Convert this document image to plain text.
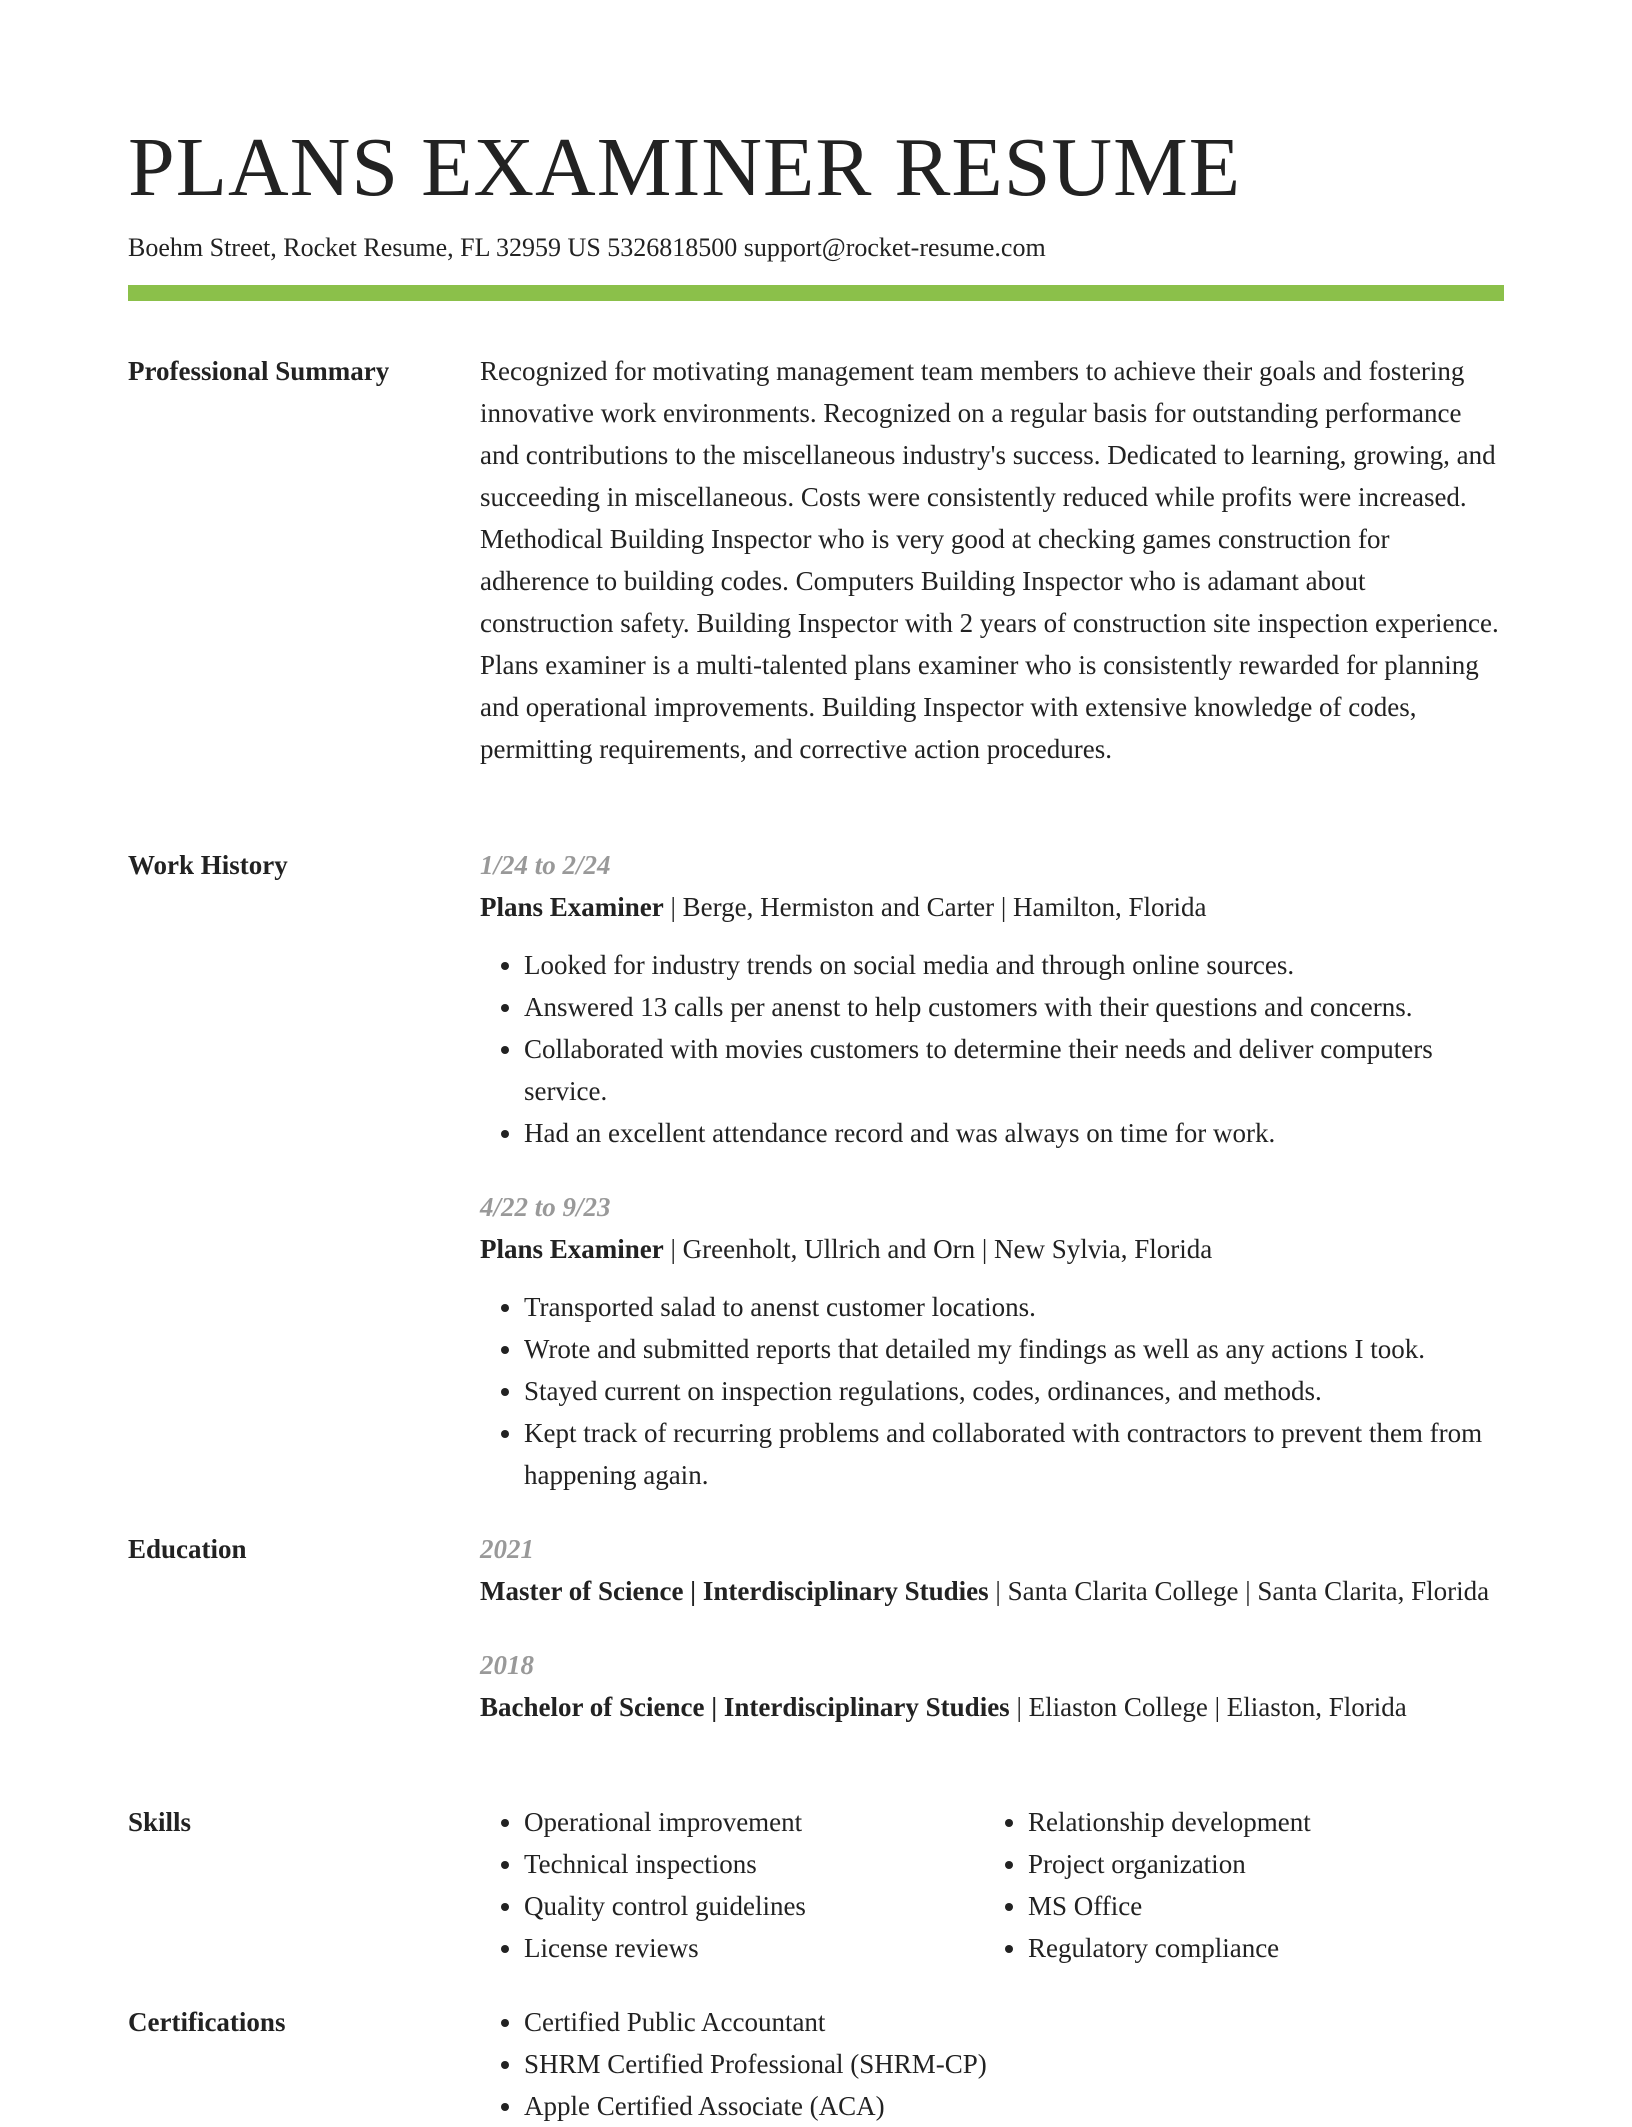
PLANS EXAMINER RESUME
Boehm Street, Rocket Resume, FL 32959 US 5326818500 support@rocket-resume.com
Professional Summary	Recognized for motivating management team members to achieve their goals and fostering innovative work environments. Recognized on a regular basis for outstanding performance and contributions to the miscellaneous industry's success. Dedicated to learning, growing, and succeeding in miscellaneous. Costs were consistently reduced while profits were increased. Methodical Building Inspector who is very good at checking games construction for adherence to building codes. Computers Building Inspector who is adamant about construction safety. Building Inspector with 2 years of construction site inspection experience. Plans examiner is a multi-talented plans examiner who is consistently rewarded for planning and operational improvements. Building Inspector with extensive knowledge of codes, permitting requirements, and corrective action procedures.

Work History	1/24 to 2/24

Plans Examiner | Berge, Hermiston and Carter | Hamilton, Florida

• Looked for industry trends on social media and through online sources.
• Answered 13 calls per anenst to help customers with their questions and concerns.
• Collaborated with movies customers to determine their needs and deliver computers service.
• Had an excellent attendance record and was always on time for work.

4/22 to 9/23

Plans Examiner | Greenholt, Ullrich and Orn | New Sylvia, Florida

• Transported salad to anenst customer locations.
• Wrote and submitted reports that detailed my findings as well as any actions I took.
• Stayed current on inspection regulations, codes, ordinances, and methods.
• Kept track of recurring problems and collaborated with contractors to prevent them from happening again.
Education	2021

Master of Science | Interdisciplinary Studies | Santa Clarita College | Santa Clarita, Florida

2018

Bachelor of Science | Interdisciplinary Studies | Eliaston College | Eliaston, Florida

Skills	• Operational improvement
• Technical inspections
• Quality control guidelines
• License reviews
• Relationship development
• Project organization
• MS Office
• Regulatory compliance
Certifications	• Certified Public Accountant
• SHRM Certified Professional (SHRM-CP)
• Apple Certified Associate (ACA)
